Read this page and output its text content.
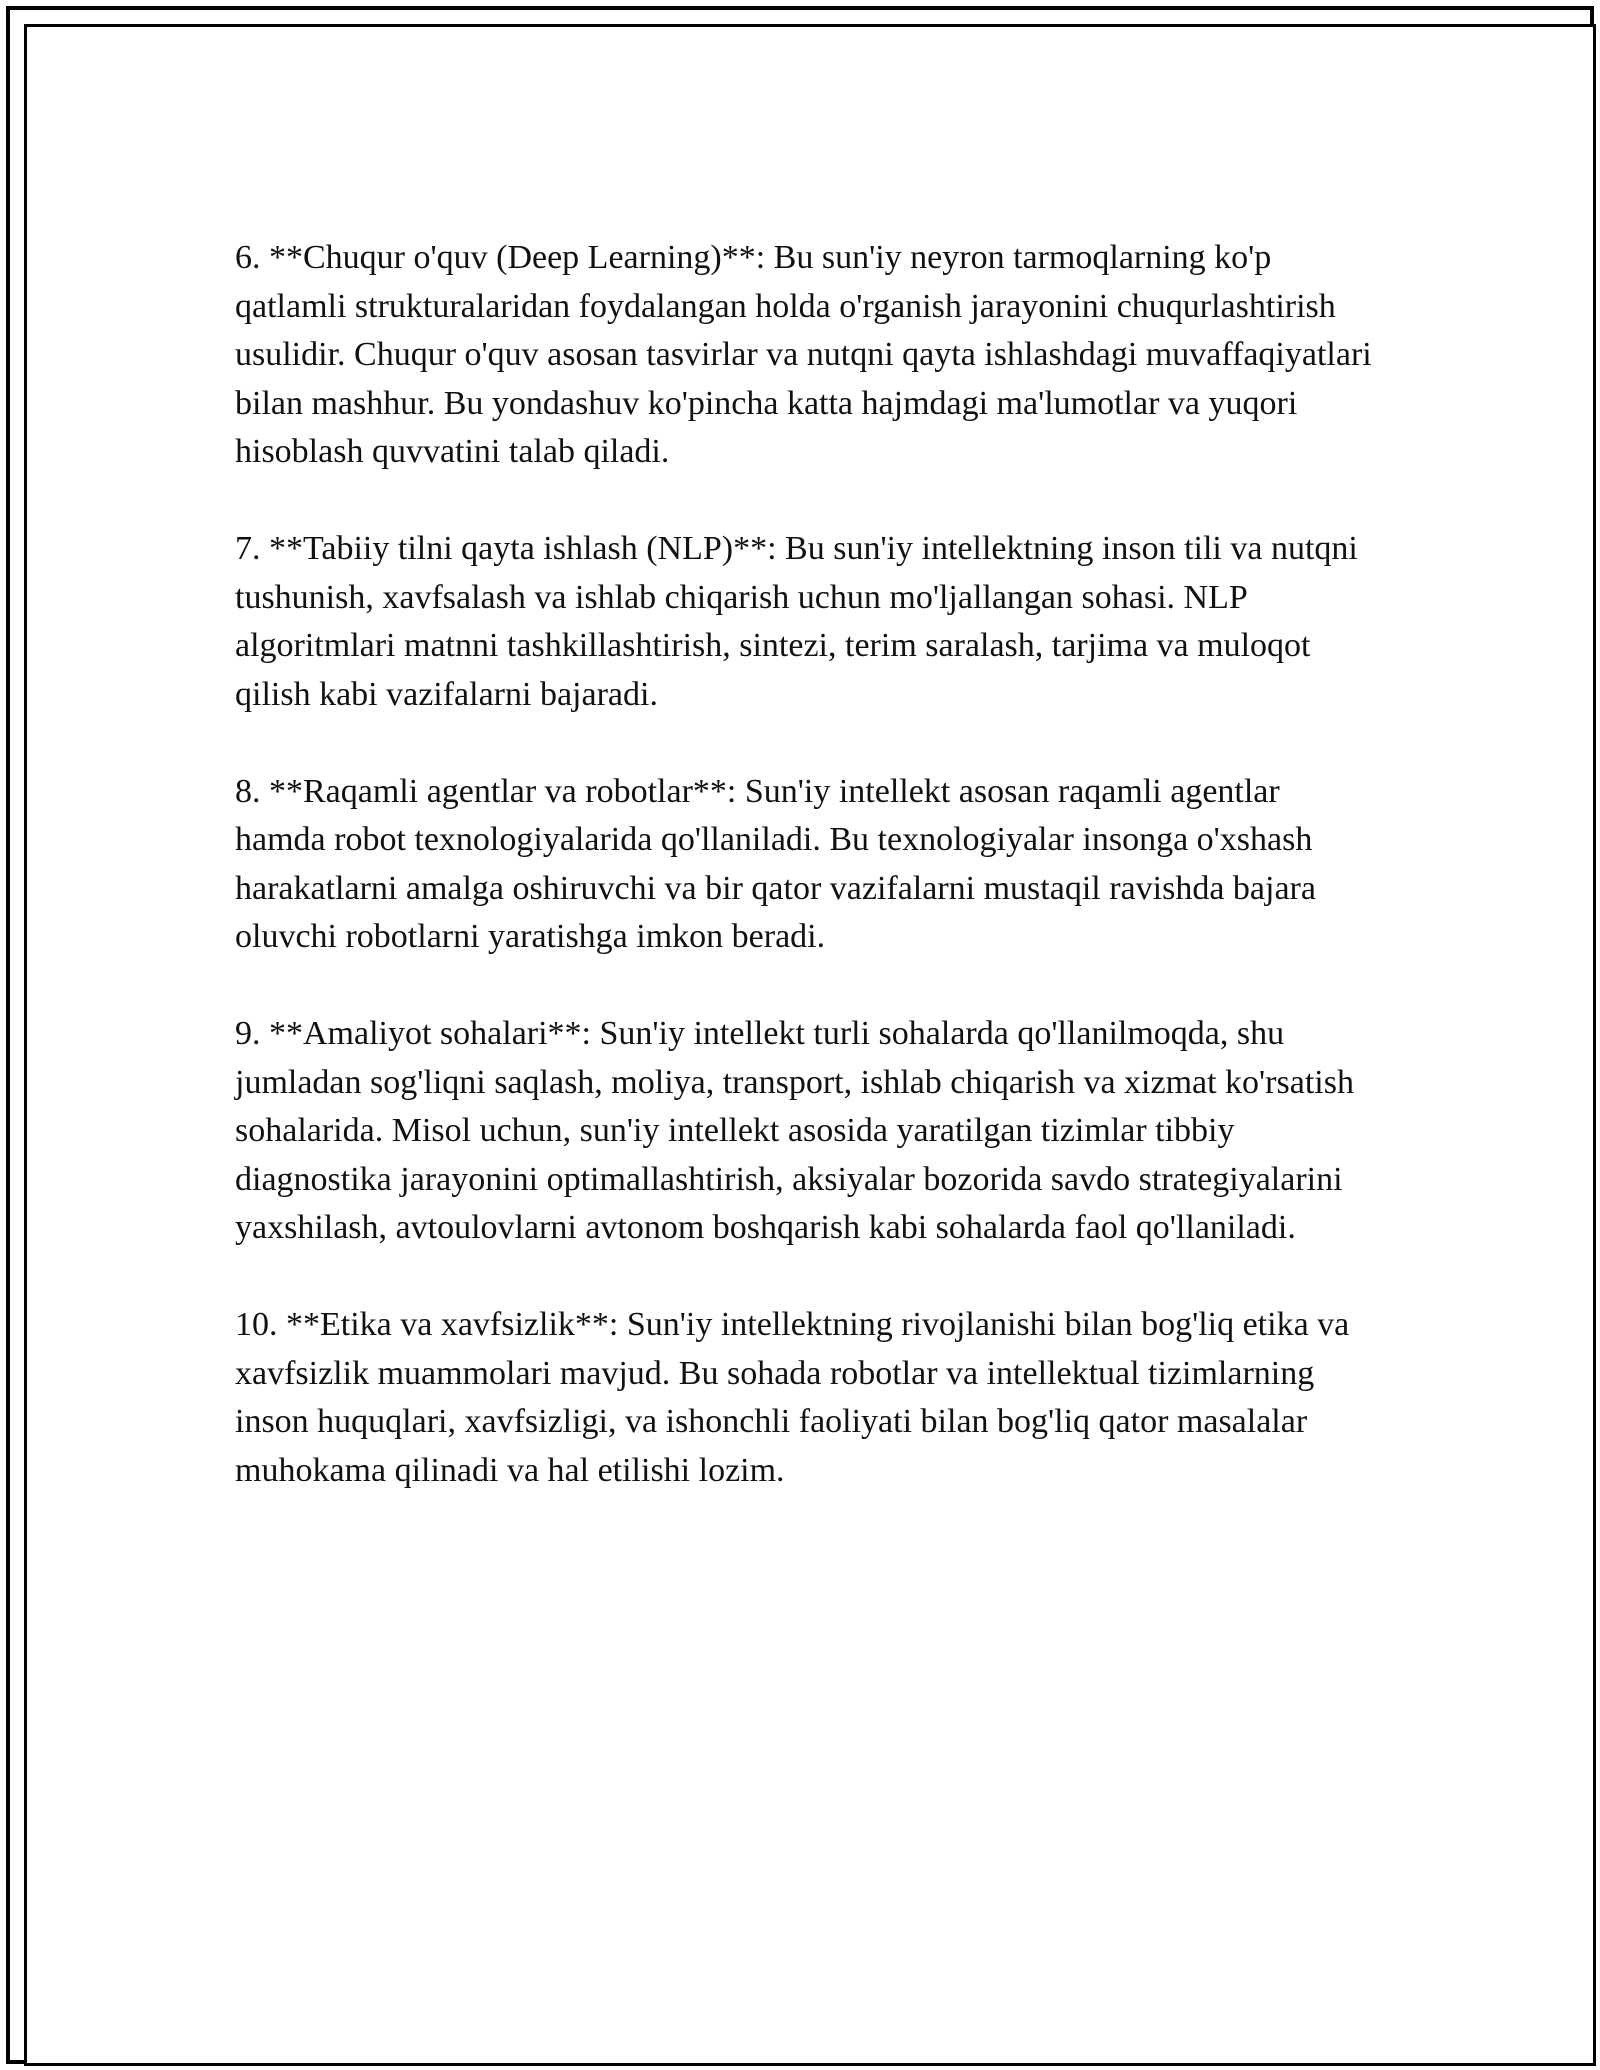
6. **Chuqur o'quv (Deep Learning)**: Bu sun'iy neyron tarmoqlarning ko'p qatlamli strukturalaridan foydalangan holda o'rganish jarayonini chuqurlashtirish usulidir. Chuqur o'quv asosan tasvirlar va nutqni qayta ishlashdagi muvaffaqiyatlari bilan mashhur. Bu yondashuv ko'pincha katta hajmdagi ma'lumotlar va yuqori hisoblash quvvatini talab qiladi.

7. **Tabiiy tilni qayta ishlash (NLP)**: Bu sun'iy intellektning inson tili va nutqni tushunish, xavfsalash va ishlab chiqarish uchun mo'ljallangan sohasi. NLP algoritmlari matnni tashkillashtirish, sintezi, terim saralash, tarjima va muloqot qilish kabi vazifalarni bajaradi.

8. **Raqamli agentlar va robotlar**: Sun'iy intellekt asosan raqamli agentlar hamda robot texnologiyalarida qo'llaniladi. Bu texnologiyalar insonga o'xshash harakatlarni amalga oshiruvchi va bir qator vazifalarni mustaqil ravishda bajara oluvchi robotlarni yaratishga imkon beradi.

9. **Amaliyot sohalari**: Sun'iy intellekt turli sohalarda qo'llanilmoqda, shu jumladan sog'liqni saqlash, moliya, transport, ishlab chiqarish va xizmat ko'rsatish sohalarida. Misol uchun, sun'iy intellekt asosida yaratilgan tizimlar tibbiy diagnostika jarayonini optimallashtirish, aksiyalar bozorida savdo strategiyalarini yaxshilash, avtoulovlarni avtonom boshqarish kabi sohalarda faol qo'llaniladi.

10. **Etika va xavfsizlik**: Sun'iy intellektning rivojlanishi bilan bog'liq etika va xavfsizlik muammolari mavjud. Bu sohada robotlar va intellektual tizimlarning inson huquqlari, xavfsizligi, va ishonchli faoliyati bilan bog'liq qator masalalar muhokama qilinadi va hal etilishi lozim.
